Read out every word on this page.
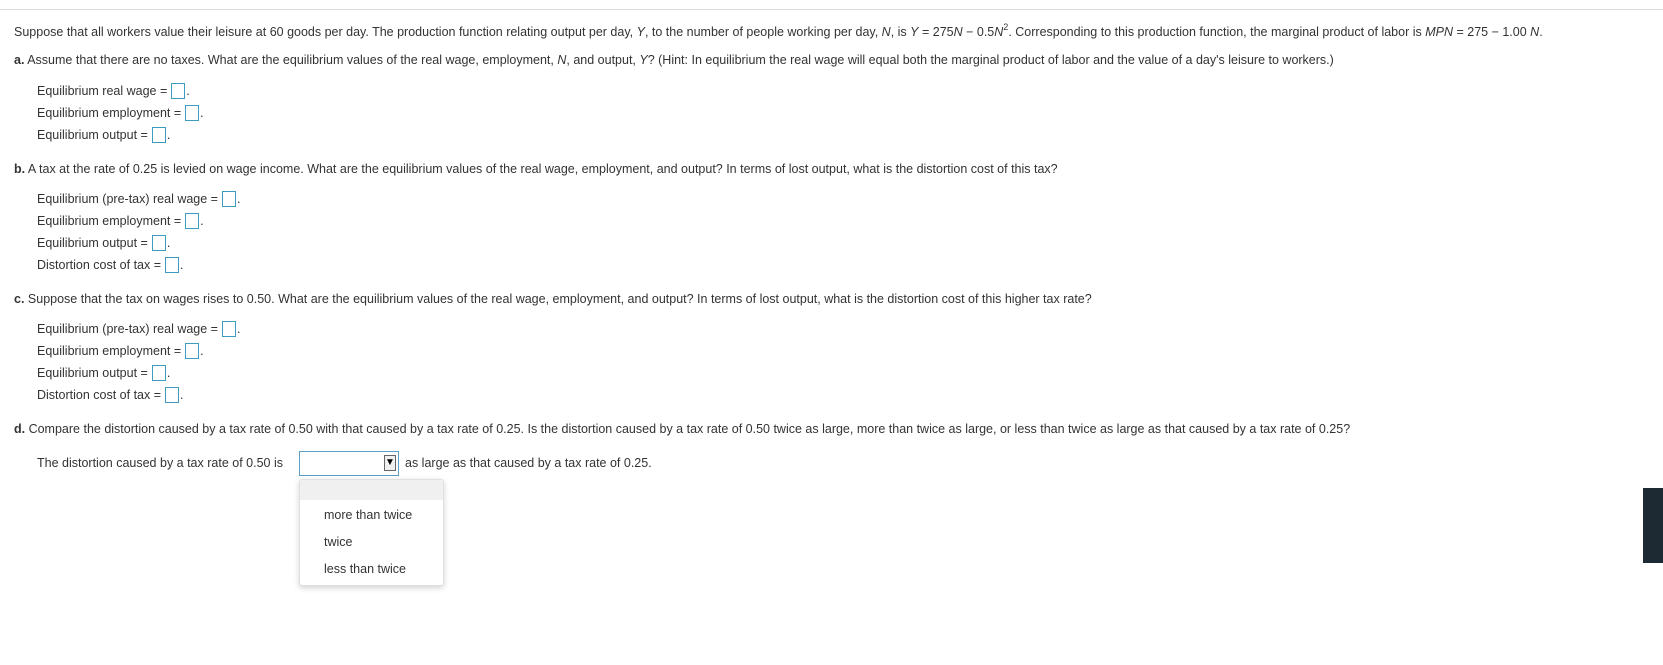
Suppose that all workers value their leisure at 60 goods per day. The production function relating output per day, Y, to the number of people working per day, N, is $Y = 275N - 0.5N^2$. Corresponding to this production function, the marginal product of labor is MPN = 275 − 1.00 N.
a. Assume that there are no taxes. What are the equilibrium values of the real wage, employment, N, and output, Y? (Hint: In equilibrium the real wage will equal both the marginal product of labor and the value of a day's leisure to workers.)
Equilibrium real wage = .
Equilibrium employment = .
Equilibrium output = .
b. A tax at the rate of 0.25 is levied on wage income. What are the equilibrium values of the real wage, employment, and output? In terms of lost output, what is the distortion cost of this tax?
Equilibrium (pre-tax) real wage = .
Equilibrium employment = .
Equilibrium output = .
Distortion cost of tax = .
c. Suppose that the tax on wages rises to 0.50. What are the equilibrium values of the real wage, employment, and output? In terms of lost output, what is the distortion cost of this higher tax rate?
Equilibrium (pre-tax) real wage = .
Equilibrium employment = .
Equilibrium output = .
Distortion cost of tax = .
d. Compare the distortion caused by a tax rate of 0.50 with that caused by a tax rate of 0.25. Is the distortion caused by a tax rate of 0.50 twice as large, more than twice as large, or less than twice as large as that caused by a tax rate of 0.25?
The distortion caused by a tax rate of 0.50 is	▼ as large as that caused by a tax rate of 0.25.
more than twice
twice
less than twice
